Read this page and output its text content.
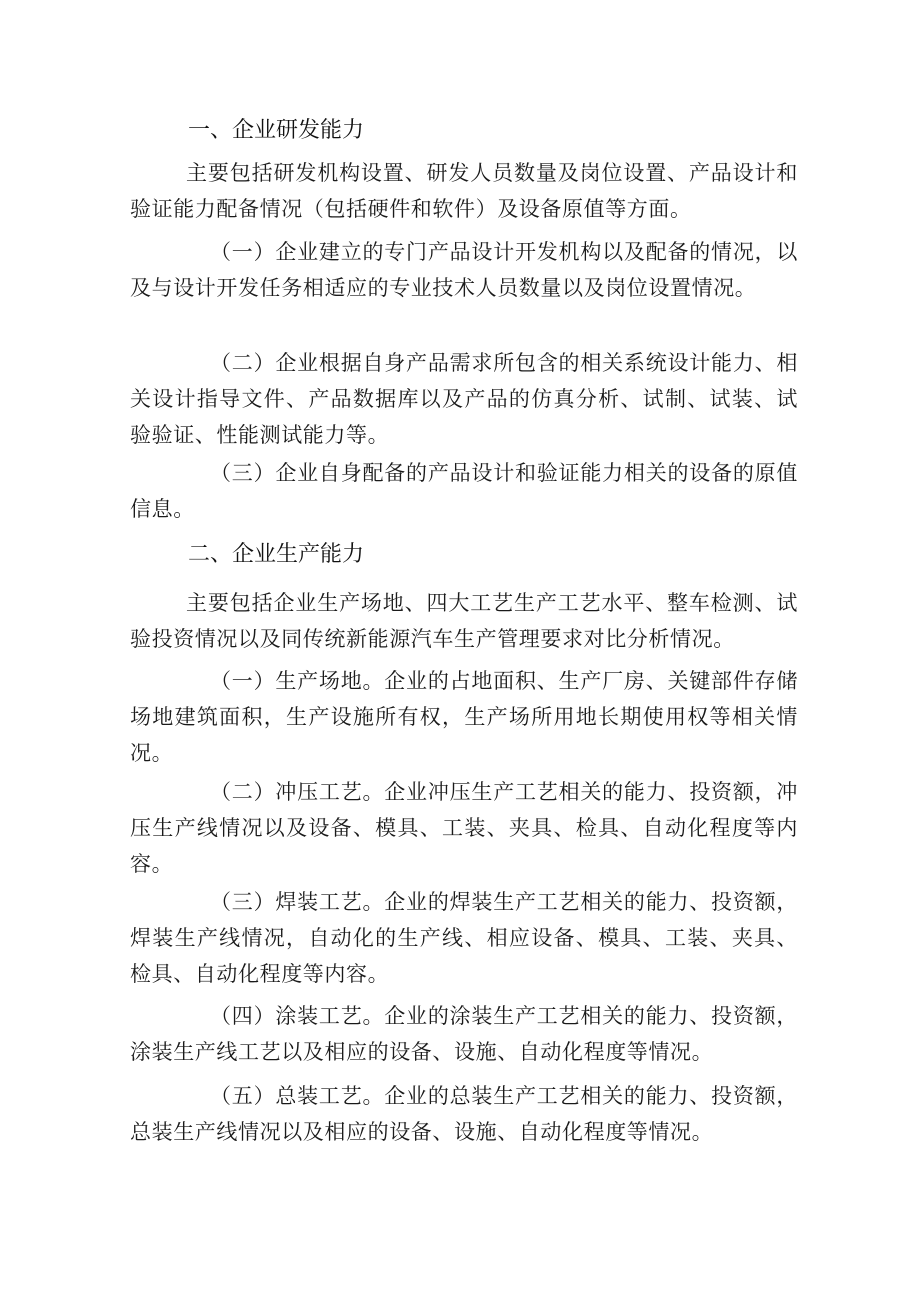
一、企业研发能力
主要包括研发机构设置、研发人员数量及岗位设置、产品设计和验证能力配备情况（包括硬件和软件）及设备原值等方面。
（一）企业建立的专门产品设计开发机构以及配备的情况，以及与设计开发任务相适应的专业技术人员数量以及岗位设置情况。
（二）企业根据自身产品需求所包含的相关系统设计能力、相关设计指导文件、产品数据库以及产品的仿真分析、试制、试装、试验验证、性能测试能力等。
（三）企业自身配备的产品设计和验证能力相关的设备的原值信息。
二、企业生产能力
主要包括企业生产场地、四大工艺生产工艺水平、整车检测、试验投资情况以及同传统新能源汽车生产管理要求对比分析情况。
（一）生产场地。企业的占地面积、生产厂房、关键部件存储场地建筑面积，生产设施所有权，生产场所用地长期使用权等相关情况。
（二）冲压工艺。企业冲压生产工艺相关的能力、投资额，冲压生产线情况以及设备、模具、工装、夹具、检具、自动化程度等内容。
（三）焊装工艺。企业的焊装生产工艺相关的能力、投资额，焊装生产线情况，自动化的生产线、相应设备、模具、工装、夹具、检具、自动化程度等内容。
（四）涂装工艺。企业的涂装生产工艺相关的能力、投资额，涂装生产线工艺以及相应的设备、设施、自动化程度等情况。
（五）总装工艺。企业的总装生产工艺相关的能力、投资额，总装生产线情况以及相应的设备、设施、自动化程度等情况。
